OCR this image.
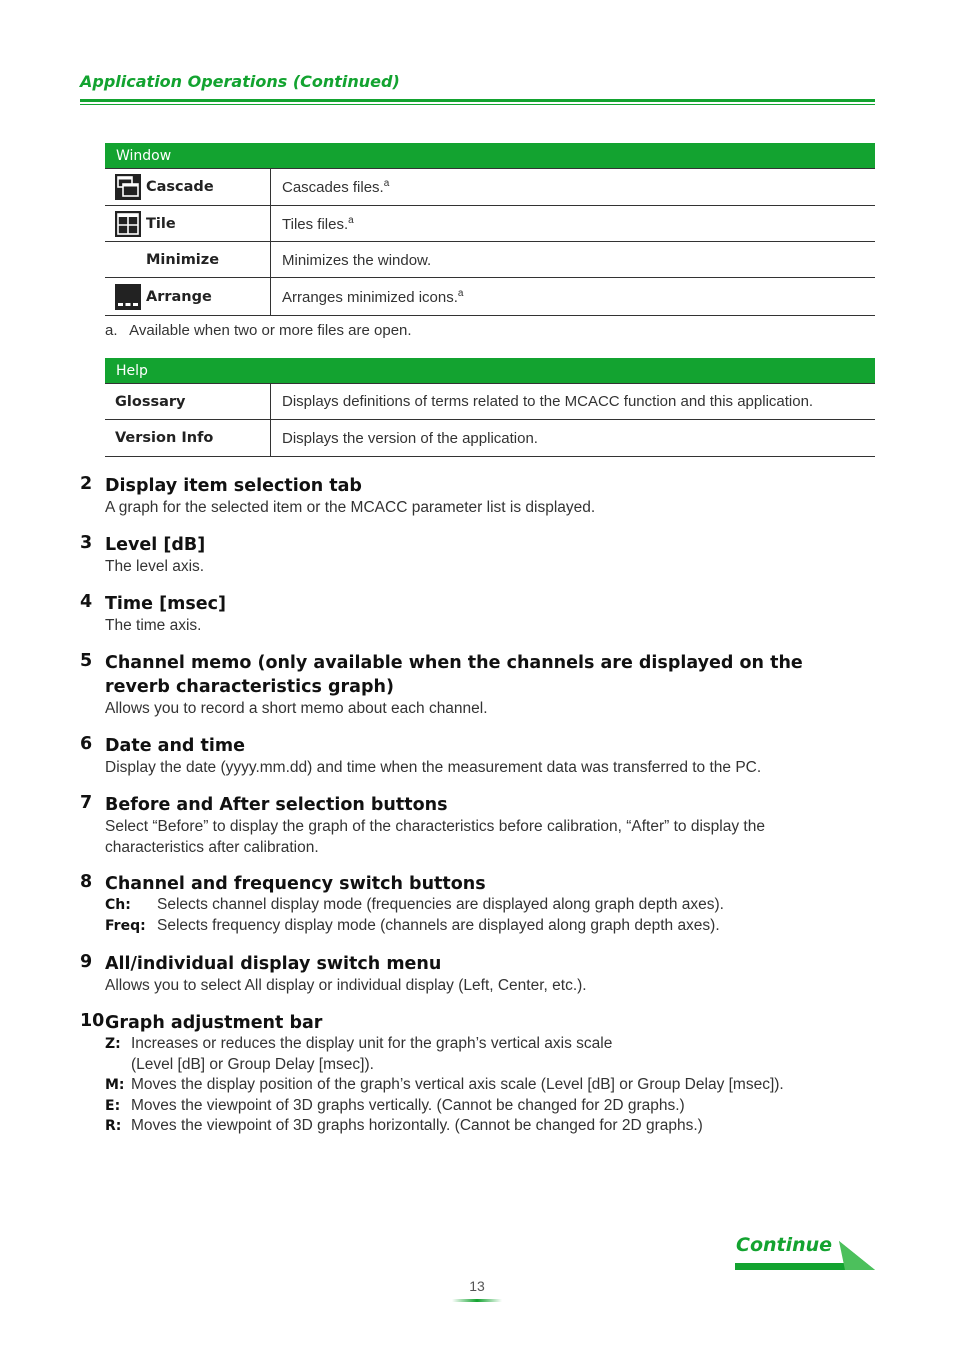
Application Operations (Continued)
Window	

Cascade	Cascades files.$^a$

Tile	Tiles files.$^a$

Minimize	Minimizes the window.

Arrange	Arranges minimized icons.$^a$
a.   Available when two or more files are open.
Help	
Glossary	Displays definitions of terms related to the MCACC function and this application.
Version Info	Displays the version of the application.
2 Display item selection tab
A graph for the selected item or the MCACC parameter list is displayed.
3 Level [dB]
The level axis.
4 Time [msec]
The time axis.
5 Channel memo (only available when the channels are displayed on the reverb characteristics graph)
Allows you to record a short memo about each channel.
6 Date and time
Display the date (yyyy.mm.dd) and time when the measurement data was transferred to the PC.
7 Before and After selection buttons
Select “Before” to display the graph of the characteristics before calibration, “After” to display the characteristics after calibration.
8 Channel and frequency switch buttons
Ch:	Selects channel display mode (frequencies are displayed along graph depth axes).
Freq: Selects frequency display mode (channels are displayed along graph depth axes).
9 All/individual display switch menu
Allows you to select All display or individual display (Left, Center, etc.).
10 Graph adjustment bar
Z: Increases or reduces the display unit for the graph’s vertical axis scale
(Level [dB] or Group Delay [msec]).
M: Moves the display position of the graph’s vertical axis scale (Level [dB] or Group Delay [msec]).
E: Moves the viewpoint of 3D graphs vertically. (Cannot be changed for 2D graphs.)
R: Moves the viewpoint of 3D graphs horizontally. (Cannot be changed for 2D graphs.)
Continue
13
